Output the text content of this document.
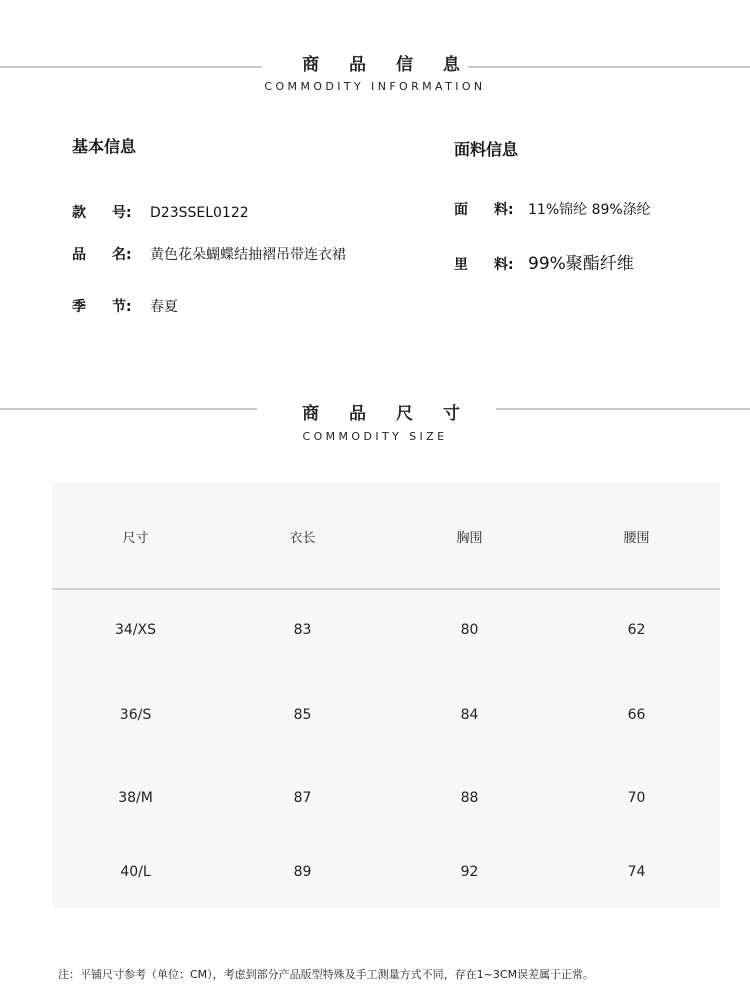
商 品 信 息
COMMODITY INFORMATION
基本信息	面料信息
款 号:	D23SSEL0122
品 名:	黄色花朵蝴蝶结抽褶吊带连衣裙
季 节:	春夏
面 料:	11%锦纶 89%涤纶
里 料: 99%聚酯纤维
商 品 尺 寸
COMMODITY SIZE
尺寸	衣长	胸围	腰围
34/XS	83	80	62
36/S	85	84	66
38/M	87	88	70
40/L	89	92	74
注：平铺尺寸参考（单位：CM），考虑到部分产品版型特殊及手工测量方式不同，存在1~3CM误差属于正常。
